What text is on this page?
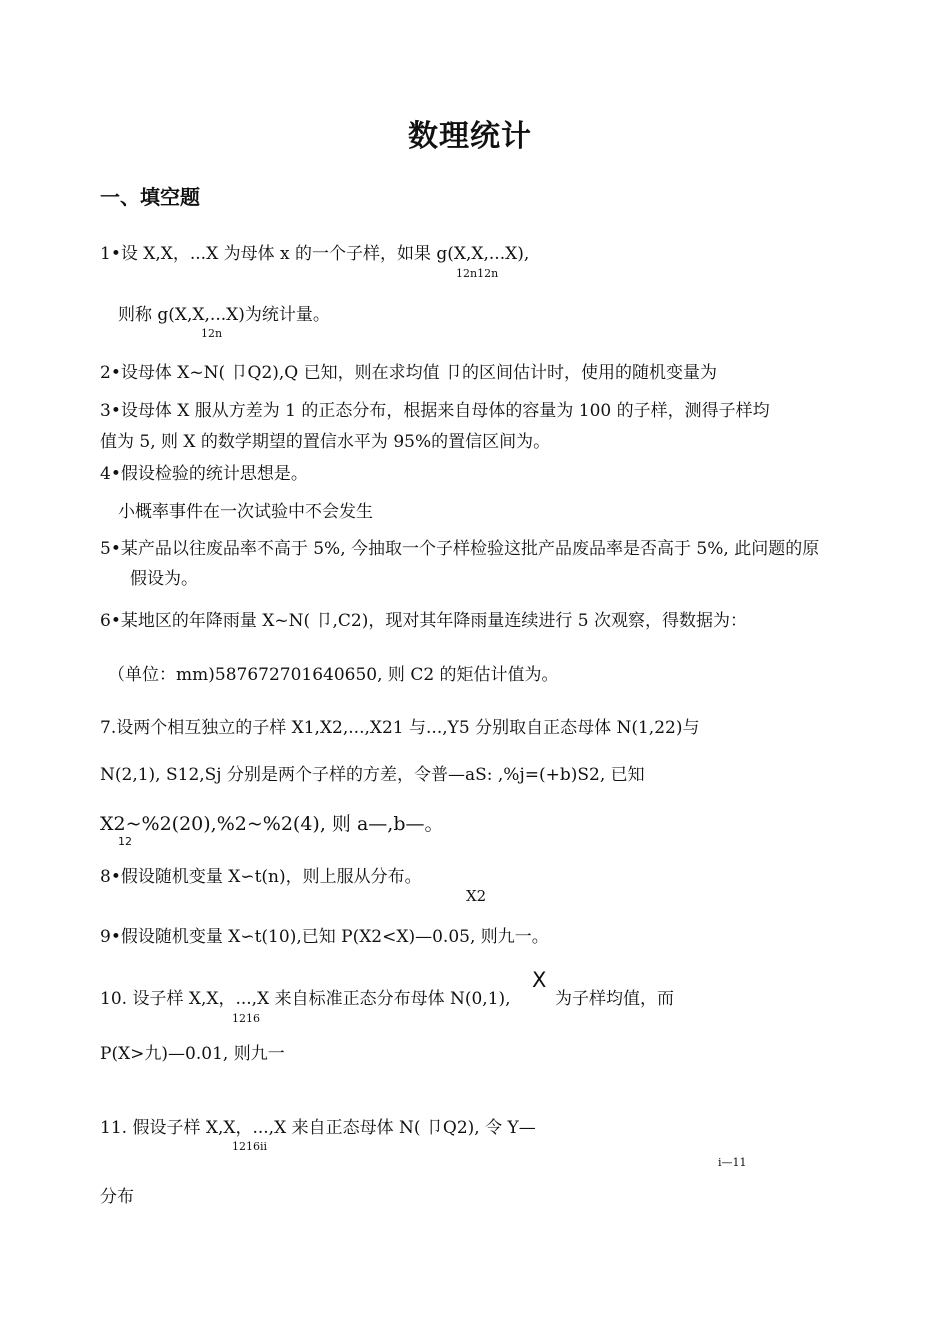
数理统计
一、填空题
1•设 X,X，...X 为母体 x 的一个子样，如果 g(X,X,...X),
12n12n
则称 g(X,X,...X)为统计量。
12n
2•设母体 X~N( 卩Q2),Q 已知，则在求均值 卩的区间估计时，使用的随机变量为
3•设母体 X 服从方差为 1 的正态分布，根据来自母体的容量为 100 的子样，测得子样均
值为 5, 则 X 的数学期望的置信水平为 95%的置信区间为。
4•假设检验的统计思想是。
小概率事件在一次试验中不会发生
5•某产品以往废品率不高于 5%, 今抽取一个子样检验这批产品废品率是否高于 5%, 此问题的原
假设为。
6•某地区的年降雨量 X~N( 卩,C2)，现对其年降雨量连续进行 5 次观察，得数据为：
（单位：mm)587672701640650, 则 C2 的矩估计值为。
7.设两个相互独立的子样 X1,X2,...,X21 与...,Y5 分别取自正态母体 N(1,22)与
N(2,1), S12,Sj 分别是两个子样的方差，令普—aS: ,%j=(+b)S2, 已知
X2~%2(20),%2~%2(4), 则 a—,b—。
12
8•假设随机变量 X∽t(n)，则上服从分布。
X2
9•假设随机变量 X∽t(10),已知 P(X2<X)—0.05, 则九一。
10. 设子样 X,X，...,X 来自标准正态分布母体 N(0,1),
X
为子样均值，而
1216
P(X>九)—0.01, 则九一
11. 假设子样 X,X，...,X 来自正态母体 N( 卩Q2), 令 Y—
1216ii
i—11
分布
